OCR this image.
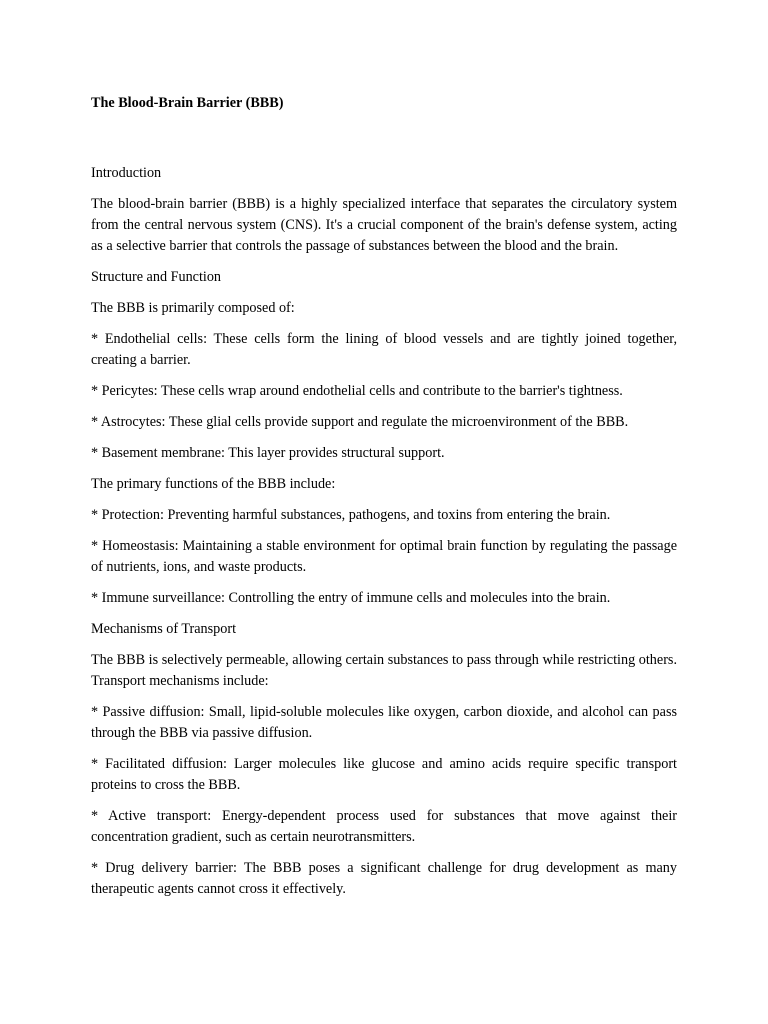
The Blood-Brain Barrier (BBB)
Introduction

The blood-brain barrier (BBB) is a highly specialized interface that separates the circulatory system from the central nervous system (CNS). It's a crucial component of the brain's defense system, acting as a selective barrier that controls the passage of substances between the blood and the brain.

Structure and Function

The BBB is primarily composed of:

* Endothelial cells: These cells form the lining of blood vessels and are tightly joined together, creating a barrier.

* Pericytes: These cells wrap around endothelial cells and contribute to the barrier's tightness.

* Astrocytes: These glial cells provide support and regulate the microenvironment of the BBB.

* Basement membrane: This layer provides structural support.

The primary functions of the BBB include:

* Protection: Preventing harmful substances, pathogens, and toxins from entering the brain.

* Homeostasis: Maintaining a stable environment for optimal brain function by regulating the passage of nutrients, ions, and waste products.

* Immune surveillance: Controlling the entry of immune cells and molecules into the brain.

Mechanisms of Transport

The BBB is selectively permeable, allowing certain substances to pass through while restricting others. Transport mechanisms include:

* Passive diffusion: Small, lipid-soluble molecules like oxygen, carbon dioxide, and alcohol can pass through the BBB via passive diffusion.

* Facilitated diffusion: Larger molecules like glucose and amino acids require specific transport proteins to cross the BBB.

* Active transport: Energy-dependent process used for substances that move against their concentration gradient, such as certain neurotransmitters.

* Drug delivery barrier: The BBB poses a significant challenge for drug development as many therapeutic agents cannot cross it effectively.
